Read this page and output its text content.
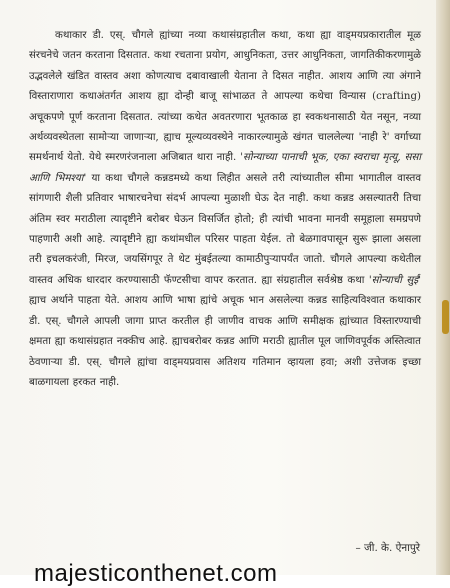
कथाकार डी. एस्. चौगले ह्यांच्या नव्या कथासंग्रहातील कथा, कथा ह्या वाड्मयप्रकारातील मूळ संरचनेचे जतन करताना दिसतात. कथा रचताना प्रयोग, आधुनिकता, उत्तर आधुनिकता, जागतिकीकरणामुळे उद्भवलेले खंडित वास्तव अशा कोणत्याच दबावाखाली येताना ते दिसत नाहीत. आशय आणि त्या अंगाने विस्ताराणारा कथाअंतर्गत आशय ह्या दोन्ही बाजू सांभाळत ते आपल्या कथेचा विन्यास (crafting) अचूकपणे पूर्ण करताना दिसतात. त्यांच्या कथेत अवतरणारा भूतकाळ हा स्वकथनासाठी येत नसून, नव्या अर्थव्यवस्थेतला सामोऱ्या जाणाऱ्या, ह्याच मूल्यव्यवस्थेने नाकारल्यामुळे खंगत चाललेल्या 'नाही रे' वर्गाच्या समर्थनार्थ येतो. येथे स्मरणरंजनाला अजिबात थारा नाही. 'सोन्याच्या पानाची भूक, एका स्वराचा मृत्यू, ससा आणि भिमश्या' या कथा चौगले कन्नडमध्ये कथा लिहीत असले तरी त्यांच्यातील सीमा भागातील वास्तव सांगणारी शैली प्रतिवार भाषारचनेचा संदर्भ आपल्या मुळाशी घेऊ देत नाही. कथा कन्नड असल्यातरी तिचा अंतिम स्वर मराठीला त्यादृष्टीने बरोबर घेऊन विसर्जित होतो; ही त्यांची भावना मानवी समूहाला समग्रपणे पाहणारी अशी आहे. त्यादृष्टीने ह्या कथांमधील परिसर पाहता येईल. तो बेळगावपासून सुरू झाला असला तरी इचलकरंजी, मिरज, जयसिंगपूर ते थेट मुंबईतल्या कामाठीपुऱ्यापर्यंत जातो. चौगले आपल्या कथेतील वास्तव अधिक धारदार करण्यासाठी फॅण्टसीचा वापर करतात. ह्या संग्रहातील सर्वश्रेष्ठ कथा 'सोन्याची सुई' ह्याच अर्थाने पाहता येते. आशय आणि भाषा ह्यांचे अचूक भान असलेल्या कन्नड साहित्यविश्वात कथाकार डी. एस्. चौगले आपली जागा प्राप्त करतील ही जाणीव वाचक आणि समीक्षक ह्यांच्यात विस्तारण्याची क्षमता ह्या कथासंग्रहात नक्कीच आहे. ह्याचबरोबर कन्नड आणि मराठी ह्यातील पूल जाणिवपूर्वक अस्तित्वात ठेवणाऱ्या डी. एस्. चौगले ह्यांचा वाड्मयप्रवास अतिशय गतिमान व्हायला हवा; अशी उत्तेजक इच्छा बाळगायला हरकत नाही.

– जी. के. ऐनापुरे
majesticonthenet.com
